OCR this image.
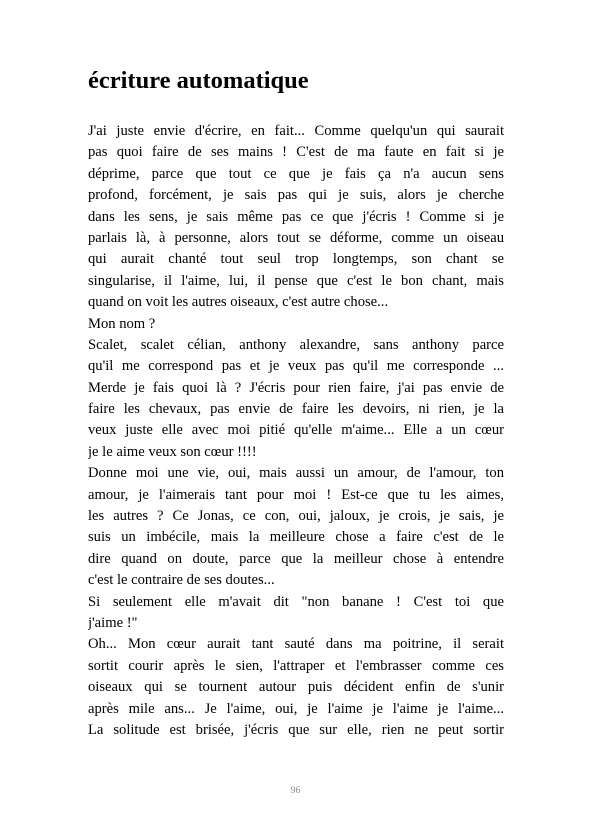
écriture automatique
J'ai juste envie d'écrire, en fait... Comme quelqu'un qui saurait
pas quoi faire de ses mains ! C'est de ma faute en fait si je
déprime, parce que tout ce que je fais ça n'a aucun sens
profond, forcément, je sais pas qui je suis, alors je cherche
dans les sens, je sais même pas ce que j'écris ! Comme si je
parlais là, à personne, alors tout se déforme, comme un oiseau
qui aurait chanté tout seul trop longtemps, son chant se
singularise, il l'aime, lui, il pense que c'est le bon chant, mais
quand on voit les autres oiseaux, c'est autre chose...
Mon nom ?
Scalet, scalet célian, anthony alexandre, sans anthony parce
qu'il me correspond pas et je veux pas qu'il me corresponde ...
Merde je fais quoi là ? J'écris pour rien faire, j'ai pas envie de
faire les chevaux, pas envie de faire les devoirs, ni rien, je la
veux juste elle avec moi pitié qu'elle m'aime... Elle a un cœur
je le aime veux son cœur !!!!
Donne moi une vie, oui, mais aussi un amour, de l'amour, ton
amour, je l'aimerais tant pour moi ! Est-ce que tu les aimes,
les autres ? Ce Jonas, ce con, oui, jaloux, je crois, je sais, je
suis un imbécile, mais la meilleure chose a faire c'est de le
dire quand on doute, parce que la meilleur chose à entendre
c'est le contraire de ses doutes...
Si seulement elle m'avait dit "non banane ! C'est toi que
j'aime !"
Oh... Mon cœur aurait tant sauté dans ma poitrine, il serait
sortit courir après le sien, l'attraper et l'embrasser comme ces
oiseaux qui se tournent autour puis décident enfin de s'unir
après mile ans... Je l'aime, oui, je l'aime je l'aime je l'aime...
La solitude est brisée, j'écris que sur elle, rien ne peut sortir
96
